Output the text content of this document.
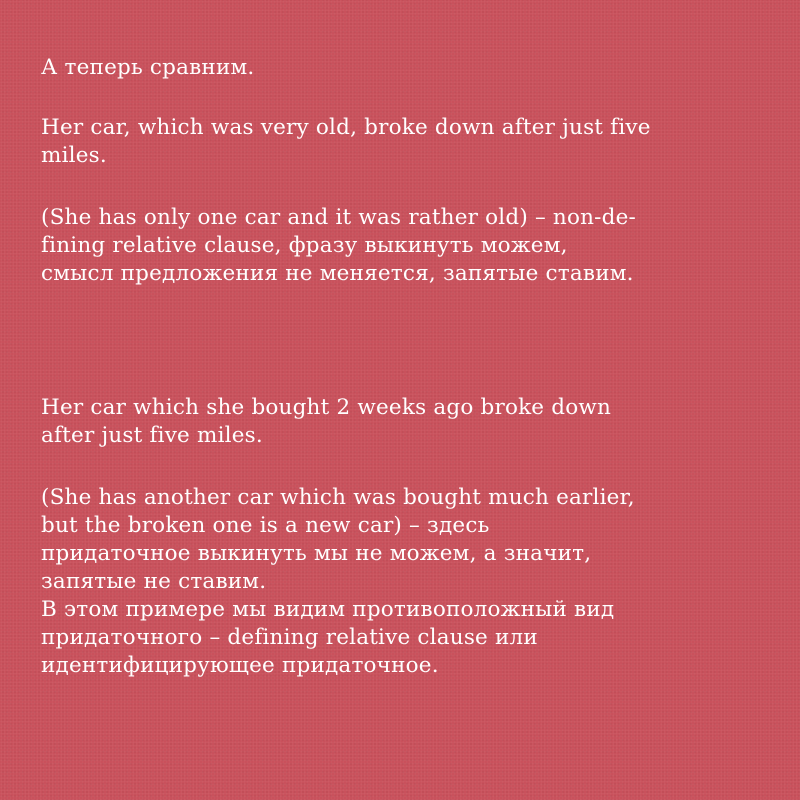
А теперь сравним.

Her car, which was very old, broke down after just five
miles.

(She has only one car and it was rather old) – non-de-
fining relative clause, фразу выкинуть можем,
смысл предложения не меняется, запятые ставим.

Her car which she bought 2 weeks ago broke down
after just five miles.

(She has another car which was bought much earlier,
but the broken one is a new car) – здесь
придаточное выкинуть мы не можем, а значит,
запятые не ставим.
В этом примере мы видим противоположный вид
придаточного – defining relative clause или
идентифицирующее придаточное.
